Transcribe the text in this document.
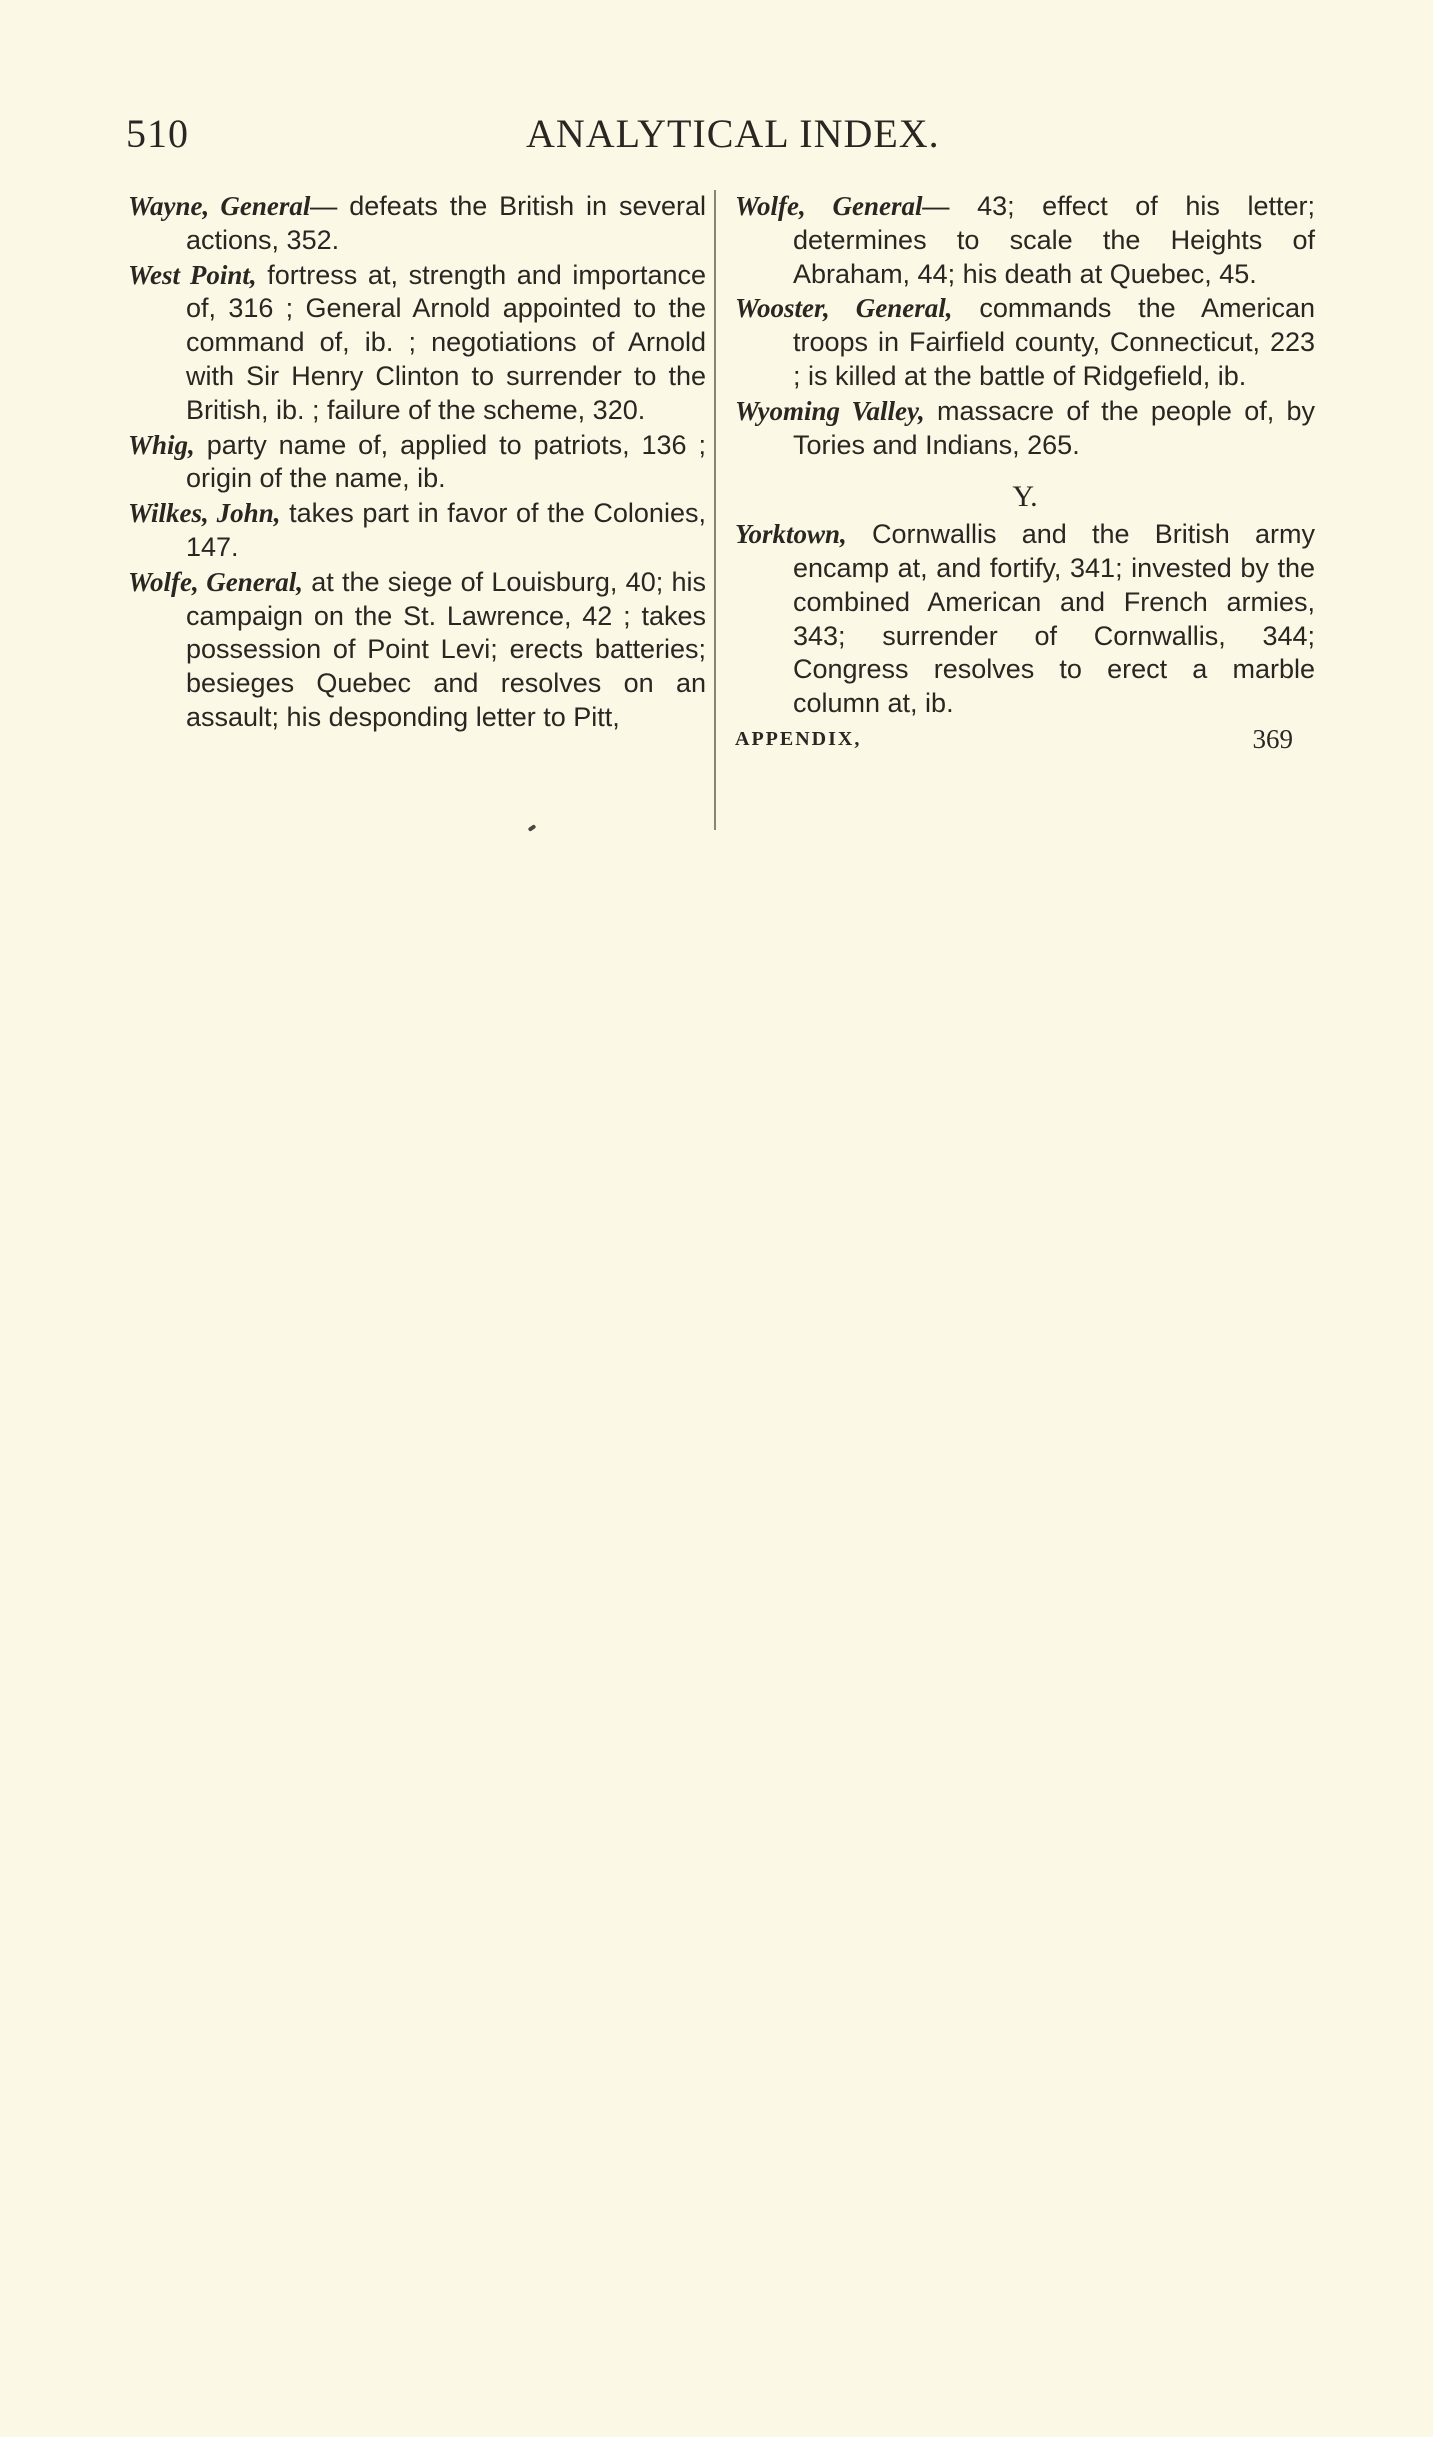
510	ANALYTICAL INDEX.

Wayne, General— defeats the British in several actions, 352.

West Point, fortress at, strength and importance of, 316 ; General Arnold appointed to the command of, ib. ; negotiations of Arnold with Sir Henry Clinton to surrender to the British, ib. ; failure of the scheme, 320.

Whig, party name of, applied to patriots, 136 ; origin of the name, ib.

Wilkes, John, takes part in favor of the Colonies, 147.

Wolfe, General, at the siege of Louisburg, 40; his campaign on the St. Lawrence, 42 ; takes possession of Point Levi; erects batteries; besieges Quebec and resolves on an assault; his desponding letter to Pitt,

Wolfe, General— 43; effect of his letter; determines to scale the Heights of Abraham, 44; his death at Quebec, 45.

Wooster, General, commands the American troops in Fairfield county, Connecticut, 223 ; is killed at the battle of Ridgefield, ib.

Wyoming Valley, massacre of the people of, by Tories and Indians, 265.

Y.

Yorktown, Cornwallis and the British army encamp at, and fortify, 341; invested by the combined American and French armies, 343; surrender of Cornwallis, 344; Congress resolves to erect a marble column at, ib.

APPENDIX,	369
